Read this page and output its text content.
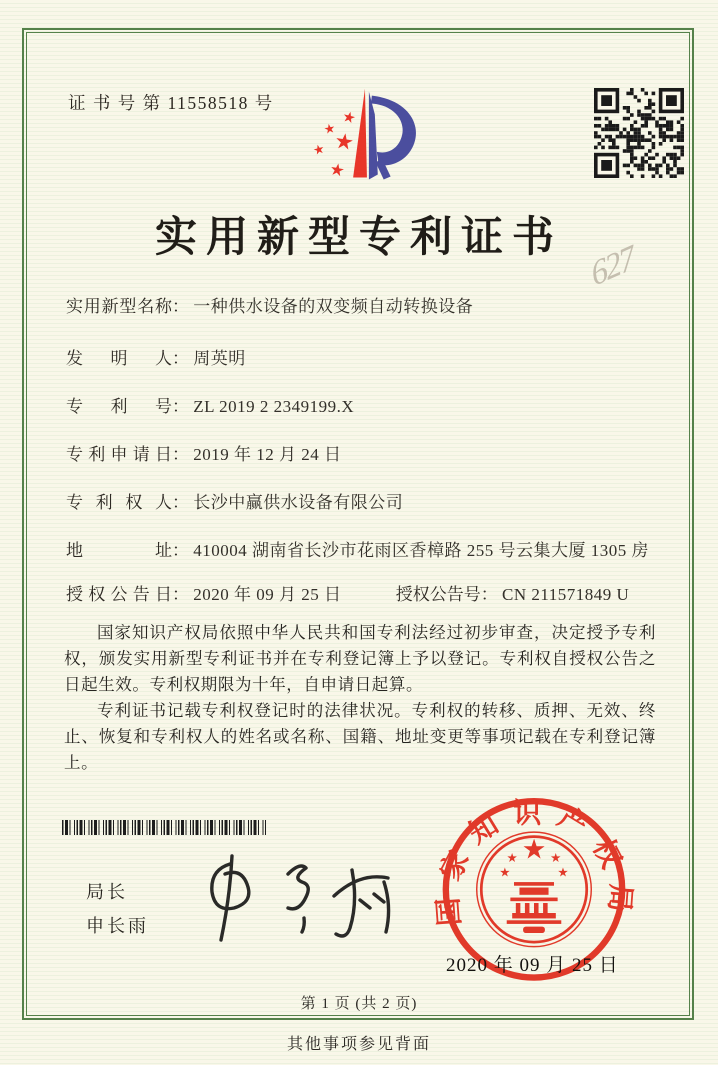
证 书 号 第 11558518 号
★
★
★
★
★
实用新型专利证书
627
实用新型名称： 一种供水设备的双变频自动转换设备
发明人： 周英明
专利号： ZL 2019 2 2349199.X
专利申请日： 2019 年 12 月 24 日
专利权人： 长沙中赢供水设备有限公司
地址： 410004 湖南省长沙市花雨区香樟路 255 号云集大厦 1305 房
授权公告日： 2020 年 09 月 25 日	授权公告号： CN 211571849 U

国家知识产权局依照中华人民共和国专利法经过初步审查，决定授予专利权，颁发实用新型专利证书并在专利登记簿上予以登记。专利权自授权公告之日起生效。专利权期限为十年，自申请日起算。

专利证书记载专利权登记时的法律状况。专利权的转移、质押、无效、终止、恢复和专利权人的姓名或名称、国籍、地址变更等事项记载在专利登记簿上。

局长
申长雨	国家知识产权局
★
★ ★
★	★
2020 年 09 月 25 日
第 1 页 (共 2 页)
其他事项参见背面
